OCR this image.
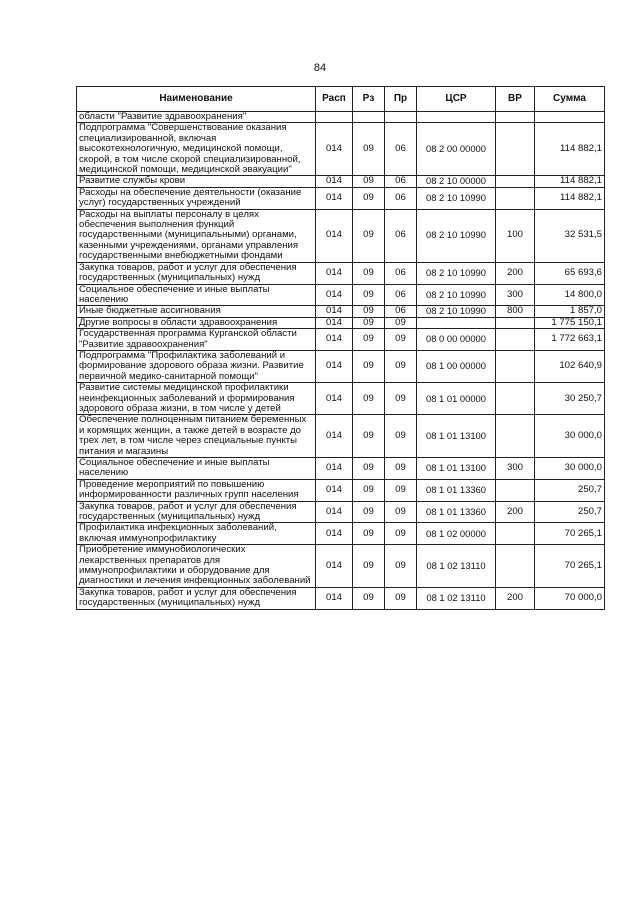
84
Наименование	Расп	Рз	Пр	ЦСР	ВР	Сумма
области "Развитие здравоохранения"						
Подпрограмма "Совершенствование оказания специализированной, включая высокотехнологичную, медицинской помощи, скорой, в том числе скорой специализированной, медицинской помощи, медицинской эвакуации"	014	09	06	08 2 00 00000		114 882,1
Развитие службы крови	014	09	06	08 2 10 00000		114 882,1
Расходы на обеспечение деятельности (оказание услуг) государственных учреждений	014	09	06	08 2 10 10990		114 882,1
Расходы на выплаты персоналу в целях обеспечения выполнения функций государственными (муниципальными) органами, казенными учреждениями, органами управления государственными внебюджетными фондами	014	09	06	08 2 10 10990	100	32 531,5
Закупка товаров, работ и услуг для обеспечения государственных (муниципальных) нужд	014	09	06	08 2 10 10990	200	65 693,6
Социальное обеспечение и иные выплаты населению	014	09	06	08 2 10 10990	300	14 800,0
Иные бюджетные ассигнования	014	09	06	08 2 10 10990	800	1 857,0
Другие вопросы в области здравоохранения	014	09	09			1 775 150,1
Государственная программа Курганской области "Развитие здравоохранения"	014	09	09	08 0 00 00000		1 772 663,1
Подпрограмма "Профилактика заболеваний и формирование здорового образа жизни. Развитие первичной медико-санитарной помощи"	014	09	09	08 1 00 00000		102 640,9
Развитие системы медицинской профилактики неинфекционных заболеваний и формирования здорового образа жизни, в том числе у детей	014	09	09	08 1 01 00000		30 250,7
Обеспечение полноценным питанием беременных и кормящих женщин, а также детей в возрасте до трех лет, в том числе через специальные пункты питания и магазины	014	09	09	08 1 01 13100		30 000,0
Социальное обеспечение и иные выплаты населению	014	09	09	08 1 01 13100	300	30 000,0
Проведение мероприятий по повышению информированности различных групп населения	014	09	09	08 1 01 13360		250,7
Закупка товаров, работ и услуг для обеспечения государственных (муниципальных) нужд	014	09	09	08 1 01 13360	200	250,7
Профилактика инфекционных заболеваний, включая иммунопрофилактику	014	09	09	08 1 02 00000		70 265,1
Приобретение иммунобиологических лекарственных препаратов для иммунопрофилактики и оборудование для диагностики и лечения инфекционных заболеваний	014	09	09	08 1 02 13110		70 265,1
Закупка товаров, работ и услуг для обеспечения государственных (муниципальных) нужд	014	09	09	08 1 02 13110	200	70 000,0
